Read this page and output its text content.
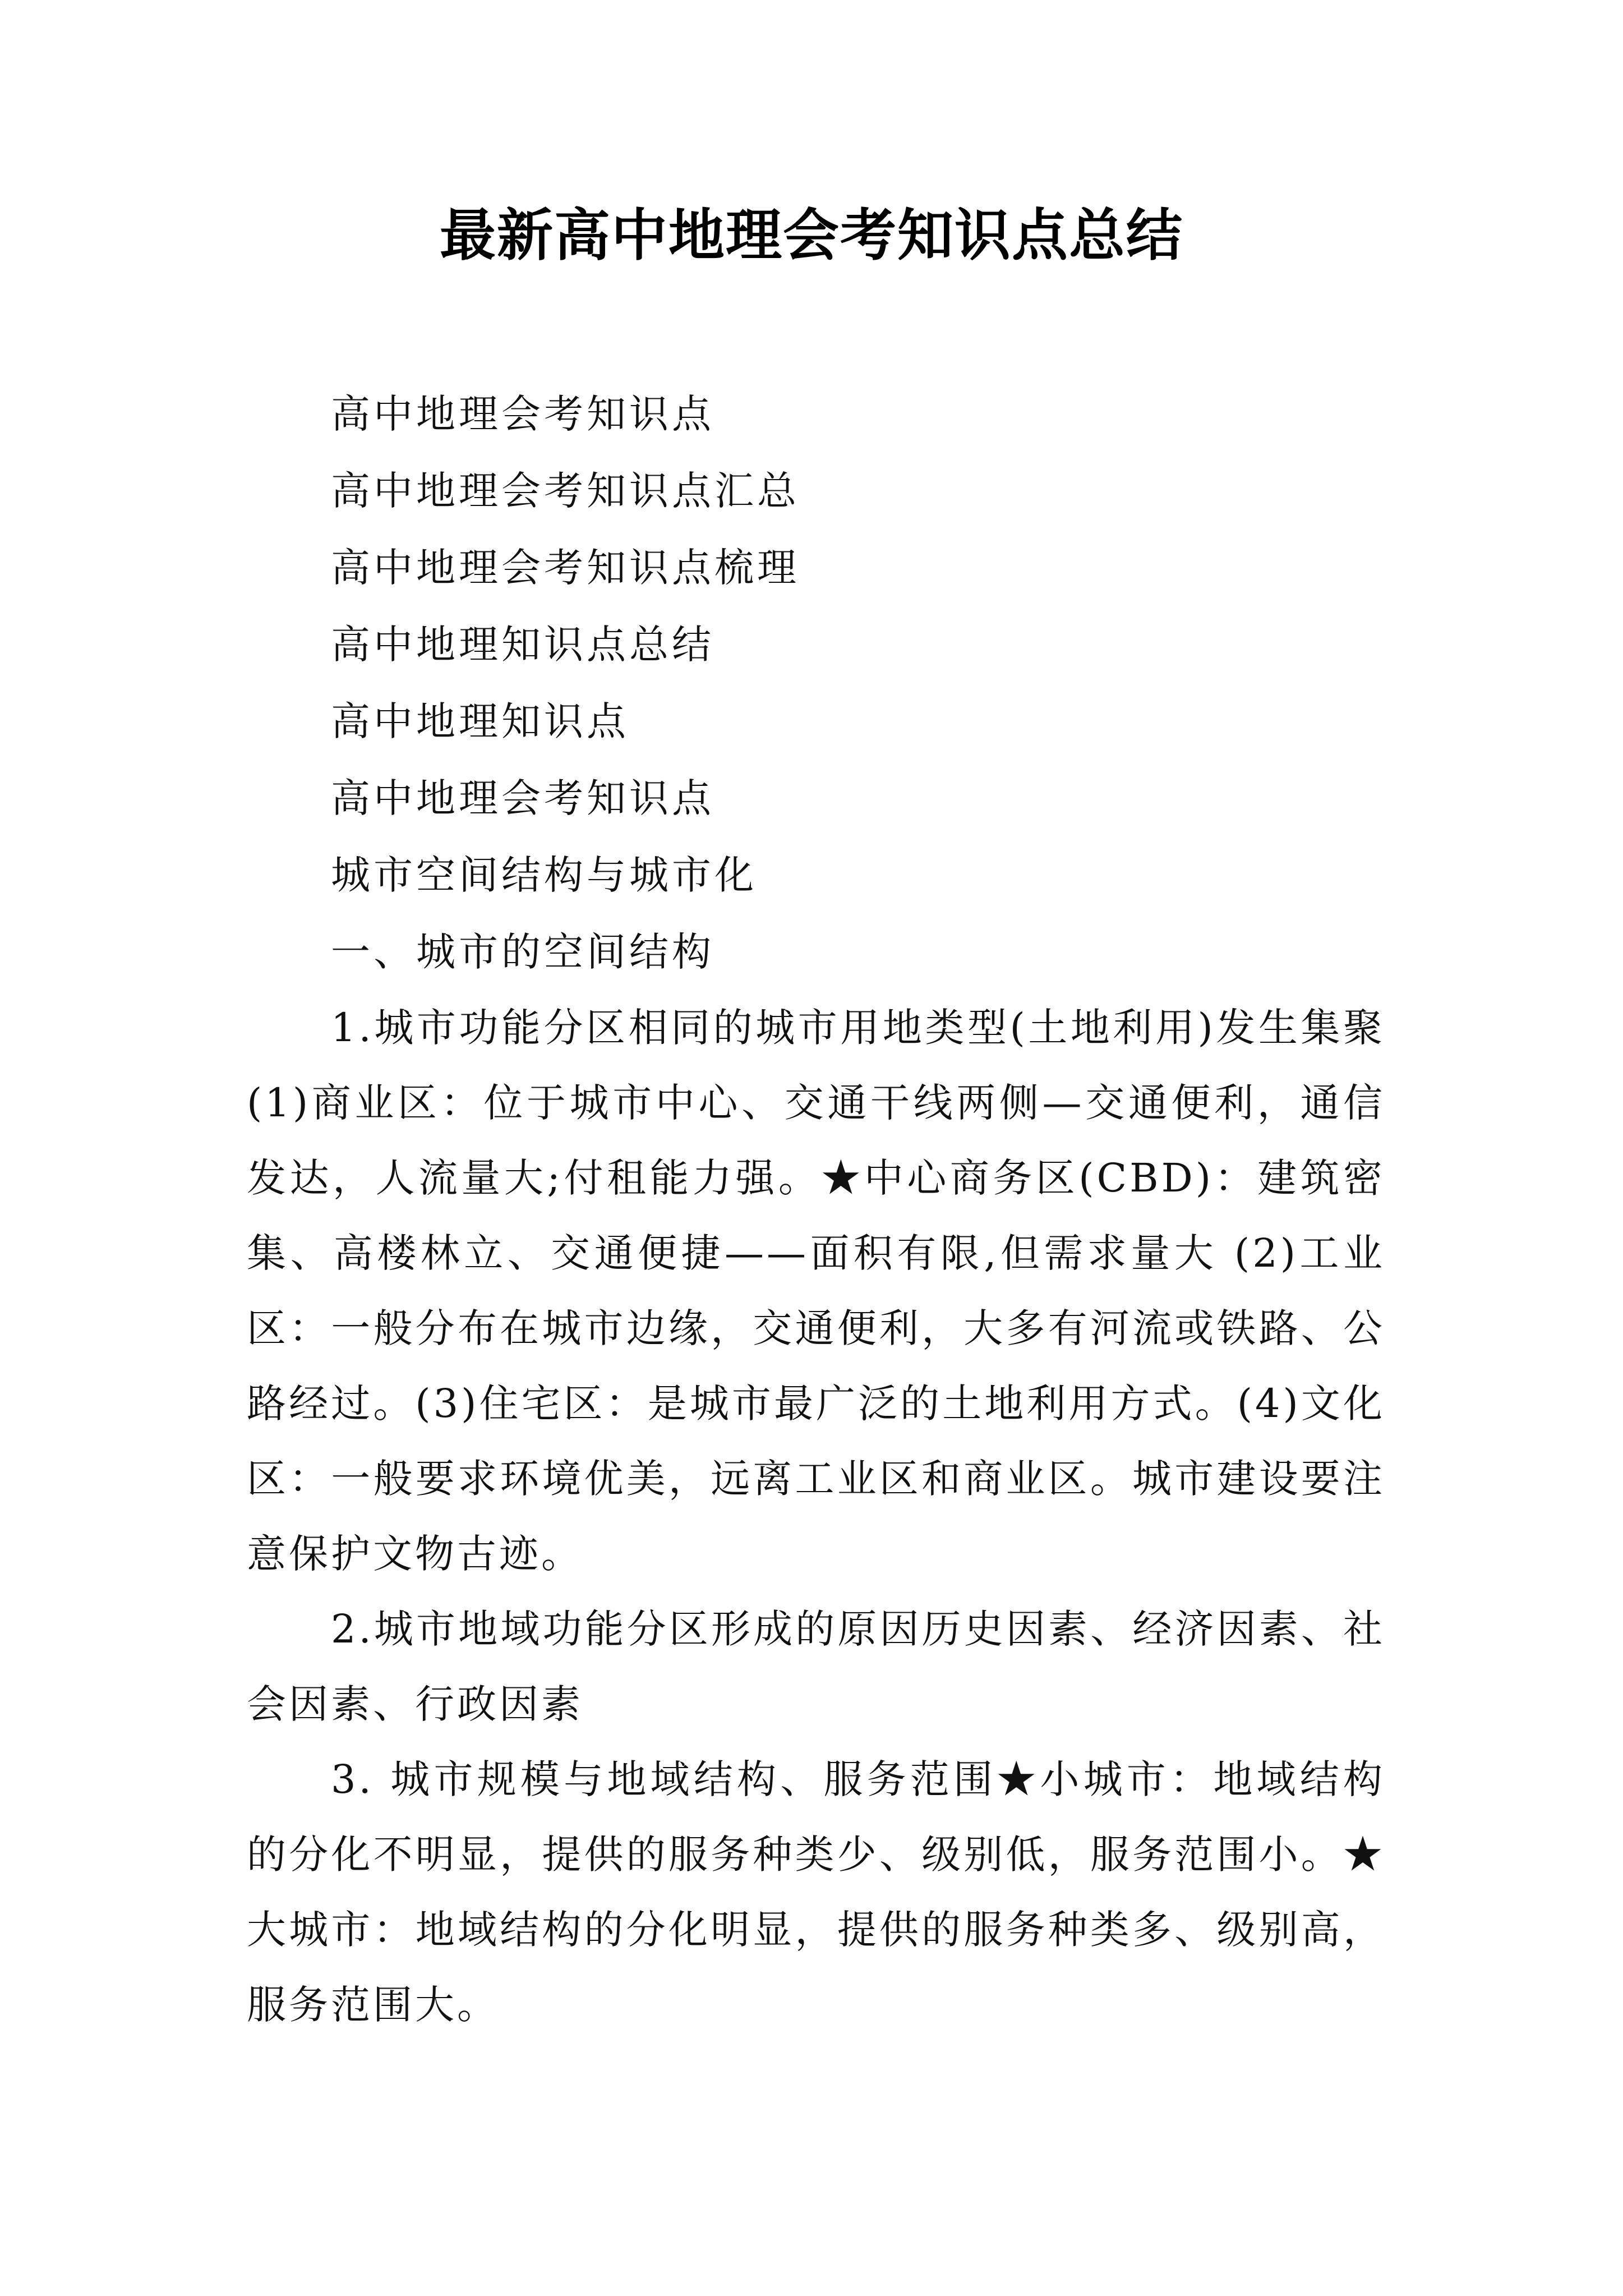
最新高中地理会考知识点总结
高中地理会考知识点
高中地理会考知识点汇总
高中地理会考知识点梳理
高中地理知识点总结
高中地理知识点
高中地理会考知识点
城市空间结构与城市化
一、城市的空间结构

1.城市功能分区相同的城市用地类型(土地利用)发生集聚(1)商业区：位于城市中心、交通干线两侧—交通便利，通信发达，人流量大;付租能力强。★中心商务区(CBD)：建筑密集、高楼林立、交通便捷——面积有限,但需求量大 (2)工业区：一般分布在城市边缘，交通便利，大多有河流或铁路、公路经过。(3)住宅区：是城市最广泛的土地利用方式。(4)文化区：一般要求环境优美，远离工业区和商业区。城市建设要注意保护文物古迹。

2.城市地域功能分区形成的原因历史因素、经济因素、社会因素、行政因素

3. 城市规模与地域结构、服务范围★小城市：地域结构的分化不明显，提供的服务种类少、级别低，服务范围小。★大城市：地域结构的分化明显，提供的服务种类多、级别高，服务范围大。
